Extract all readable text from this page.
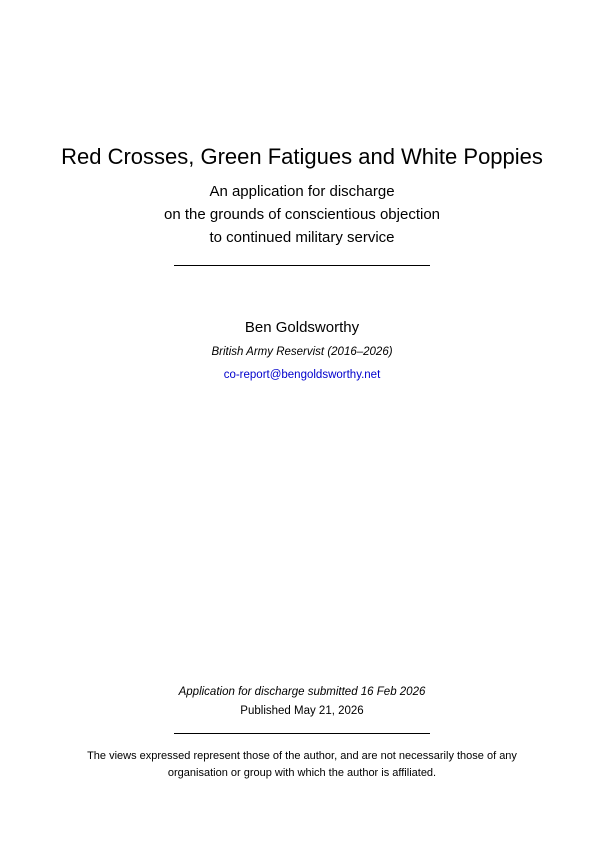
Red Crosses, Green Fatigues and White Poppies
An application for discharge
on the grounds of conscientious objection
to continued military service
Ben Goldsworthy
British Army Reservist (2016–2026)
co-report@bengoldsworthy.net
Application for discharge submitted 16 Feb 2026
Published May 21, 2026
The views expressed represent those of the author, and are not necessarily those of any
organisation or group with which the author is affiliated.
